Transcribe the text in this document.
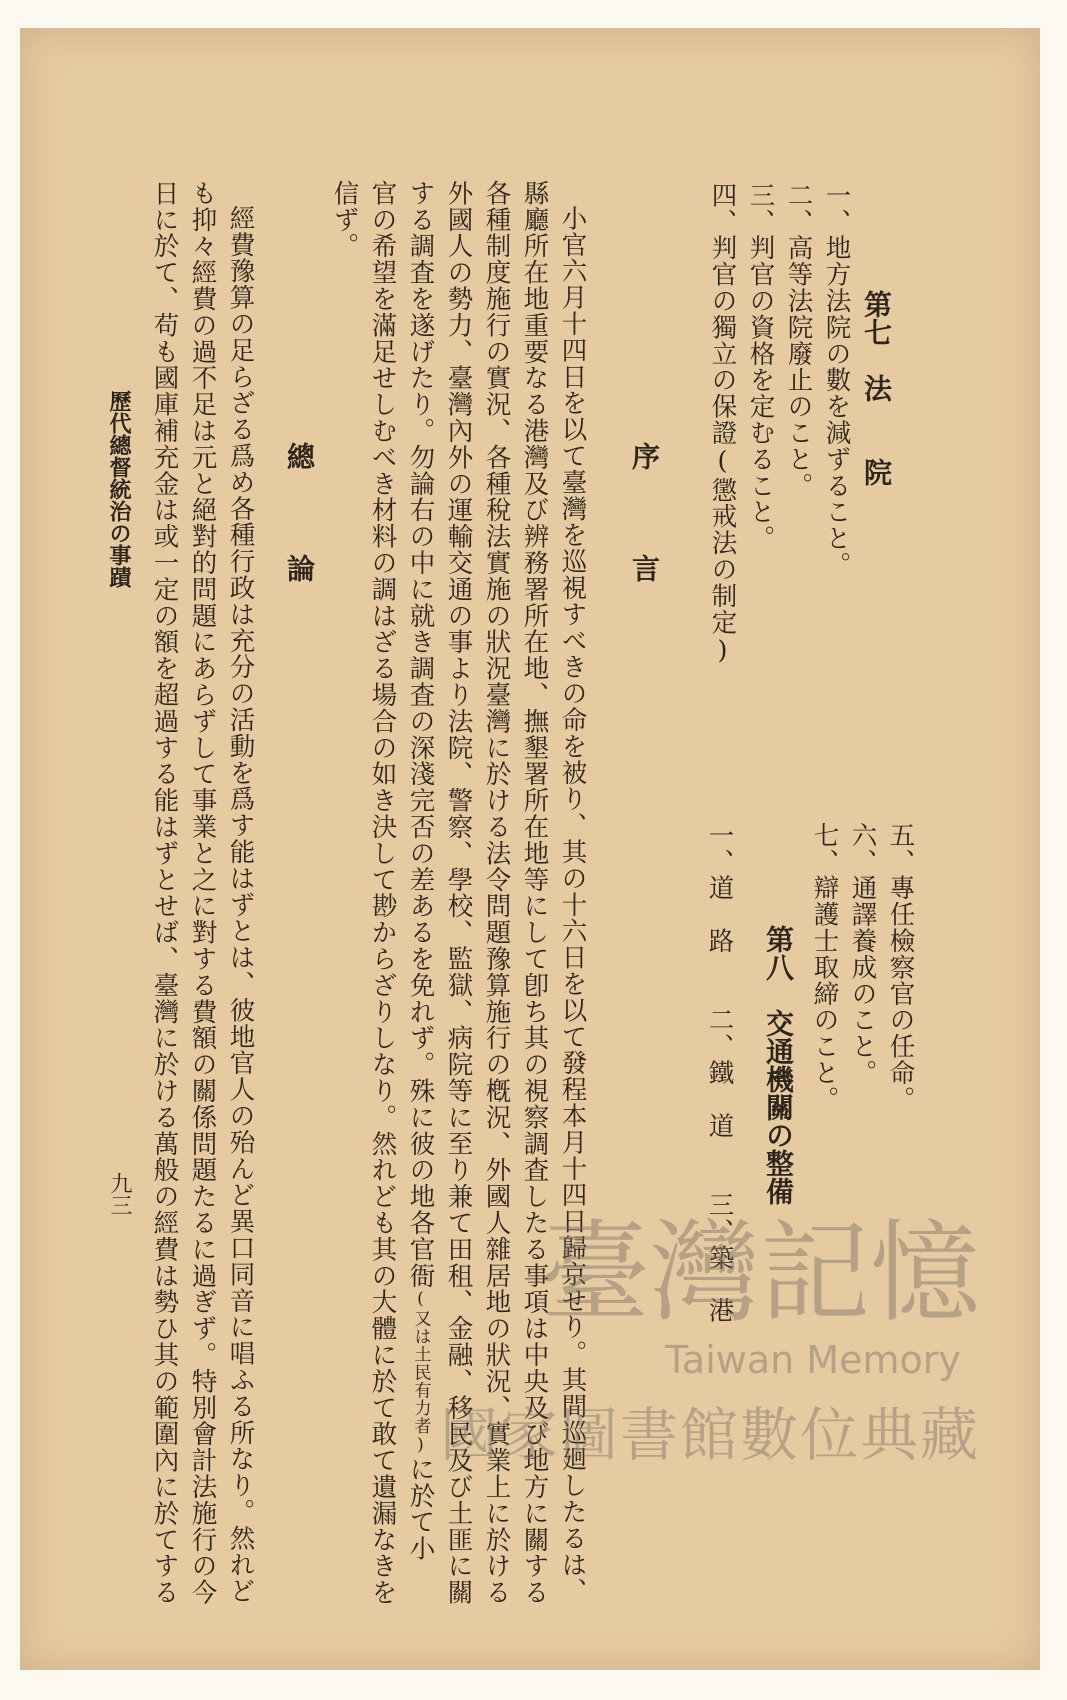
第七　法　　院
一、地方法院の數を減ずること。
二、高等法院廢止のこと。
三、判官の資格を定むること。
四、判官の獨立の保證(懲戒法の制定)
五、專任檢察官の任命。
六、通譯養成のこと。
七、辯護士取締のこと。
第八　交通機關の整備
一、道　路　　二、鐵　道　　三、築　港
序　　　言
小官六月十四日を以て臺灣を巡視すべきの命を被り、其の十六日を以て發程本月十四日歸京せり。其間巡廻したるは、
縣廳所在地重要なる港灣及び辨務署所在地、撫墾署所在地等にして卽ち其の視察調査したる事項は中央及び地方に關する
各種制度施行の實況、各種稅法實施の狀況臺灣に於ける法令問題豫算施行の槪況、外國人雜居地の狀況、實業上に於ける
外國人の勢力、臺灣內外の運輸交通の事より法院、警察、學校、監獄、病院等に至り兼て田租、金融、移民及び土匪に關
する調査を遂げたり。勿論右の中に就き調査の深淺完否の差あるを免れず。殊に彼の地各官衙(又は土民有力者)に於て小
官の希望を滿足せしむべき材料の調はざる場合の如き決して尠からざりしなり。然れども其の大體に於て敢て遺漏なきを
信ず。
總　　　論
經費豫算の足らざる爲め各種行政は充分の活動を爲す能はずとは、彼地官人の殆んど異口同音に唱ふる所なり。然れど
も抑々經費の過不足は元と絕對的問題にあらずして事業と之に對する費額の關係問題たるに過ぎず。特別會計法施行の今
日に於て、苟も國庫補充金は或一定の額を超過する能はずとせば、臺灣に於ける萬般の經費は勢ひ其の範圍內に於てする
歷代總督統治の事蹟
九三
臺灣記憶
Taiwan Memory
國家圖書館數位典藏
